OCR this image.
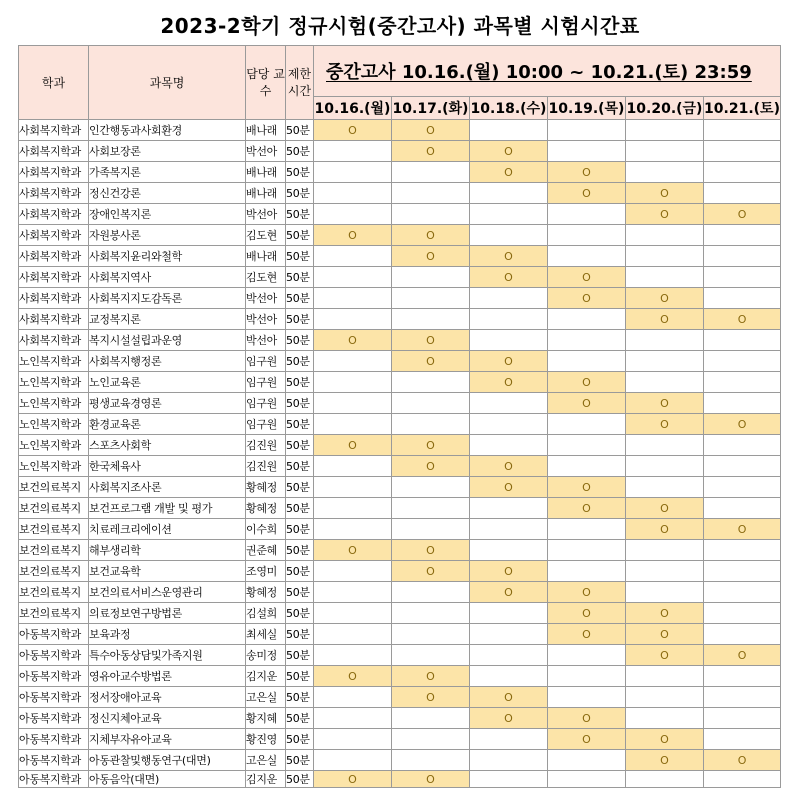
2023-2학기 정규시험(중간고사) 과목별 시험시간표
학과	과목명	담당 교수	제한 시간	중간고사 10.16.(월) 10:00 ~ 10.21.(토) 23:59					
				10.16.(월)	10.17.(화)	10.18.(수)	10.19.(목)	10.20.(금)	10.21.(토)
사회복지학과	인간행동과사회환경	배나래	50분	O	O				
사회복지학과	사회보장론	박선아	50분		O	O			
사회복지학과	가족복지론	배나래	50분			O	O		
사회복지학과	정신건강론	배나래	50분				O	O	
사회복지학과	장애인복지론	박선아	50분					O	O
사회복지학과	자원봉사론	김도현	50분	O	O				
사회복지학과	사회복지윤리와철학	배나래	50분		O	O			
사회복지학과	사회복지역사	김도현	50분			O	O		
사회복지학과	사회복지지도감독론	박선아	50분				O	O	
사회복지학과	교정복지론	박선아	50분					O	O
사회복지학과	복지시설설립과운영	박선아	50분	O	O				
노인복지학과	사회복지행정론	임구원	50분		O	O			
노인복지학과	노인교육론	임구원	50분			O	O		
노인복지학과	평생교육경영론	임구원	50분				O	O	
노인복지학과	환경교육론	임구원	50분					O	O
노인복지학과	스포츠사회학	김진원	50분	O	O				
노인복지학과	한국체육사	김진원	50분		O	O			
보건의료복지	사회복지조사론	황혜정	50분			O	O		
보건의료복지	보건프로그램 개발 및 평가	황혜정	50분				O	O	
보건의료복지	치료레크리에이션	이수희	50분					O	O
보건의료복지	해부생리학	권준혜	50분	O	O				
보건의료복지	보건교육학	조영미	50분		O	O			
보건의료복지	보건의료서비스운영관리	황혜정	50분			O	O		
보건의료복지	의료정보연구방법론	김설희	50분				O	O	
아동복지학과	보육과정	최세실	50분				O	O	
아동복지학과	특수아동상담및가족지원	송미정	50분					O	O
아동복지학과	영유아교수방법론	김지운	50분	O	O				
아동복지학과	정서장애아교육	고은실	50분		O	O			
아동복지학과	정신지체아교육	황지혜	50분			O	O		
아동복지학과	지체부자유아교육	황진영	50분				O	O	
아동복지학과	아동관찰및행동연구(대면)	고은실	50분					O	O
아동복지학과	아동음악(대면)	김지운	50분	O	O				
